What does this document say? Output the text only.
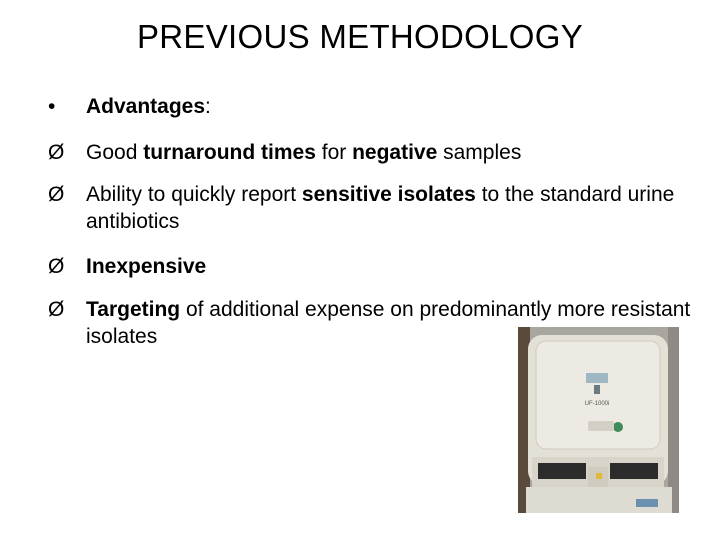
PREVIOUS METHODOLOGY
•	Advantages:
Ø Good turnaround times for negative samples
Ø Ability to quickly report sensitive isolates to the standard urine antibiotics
Ø Inexpensive
Ø Targeting of additional expense on predominantly more resistant isolates
UF-1000i
